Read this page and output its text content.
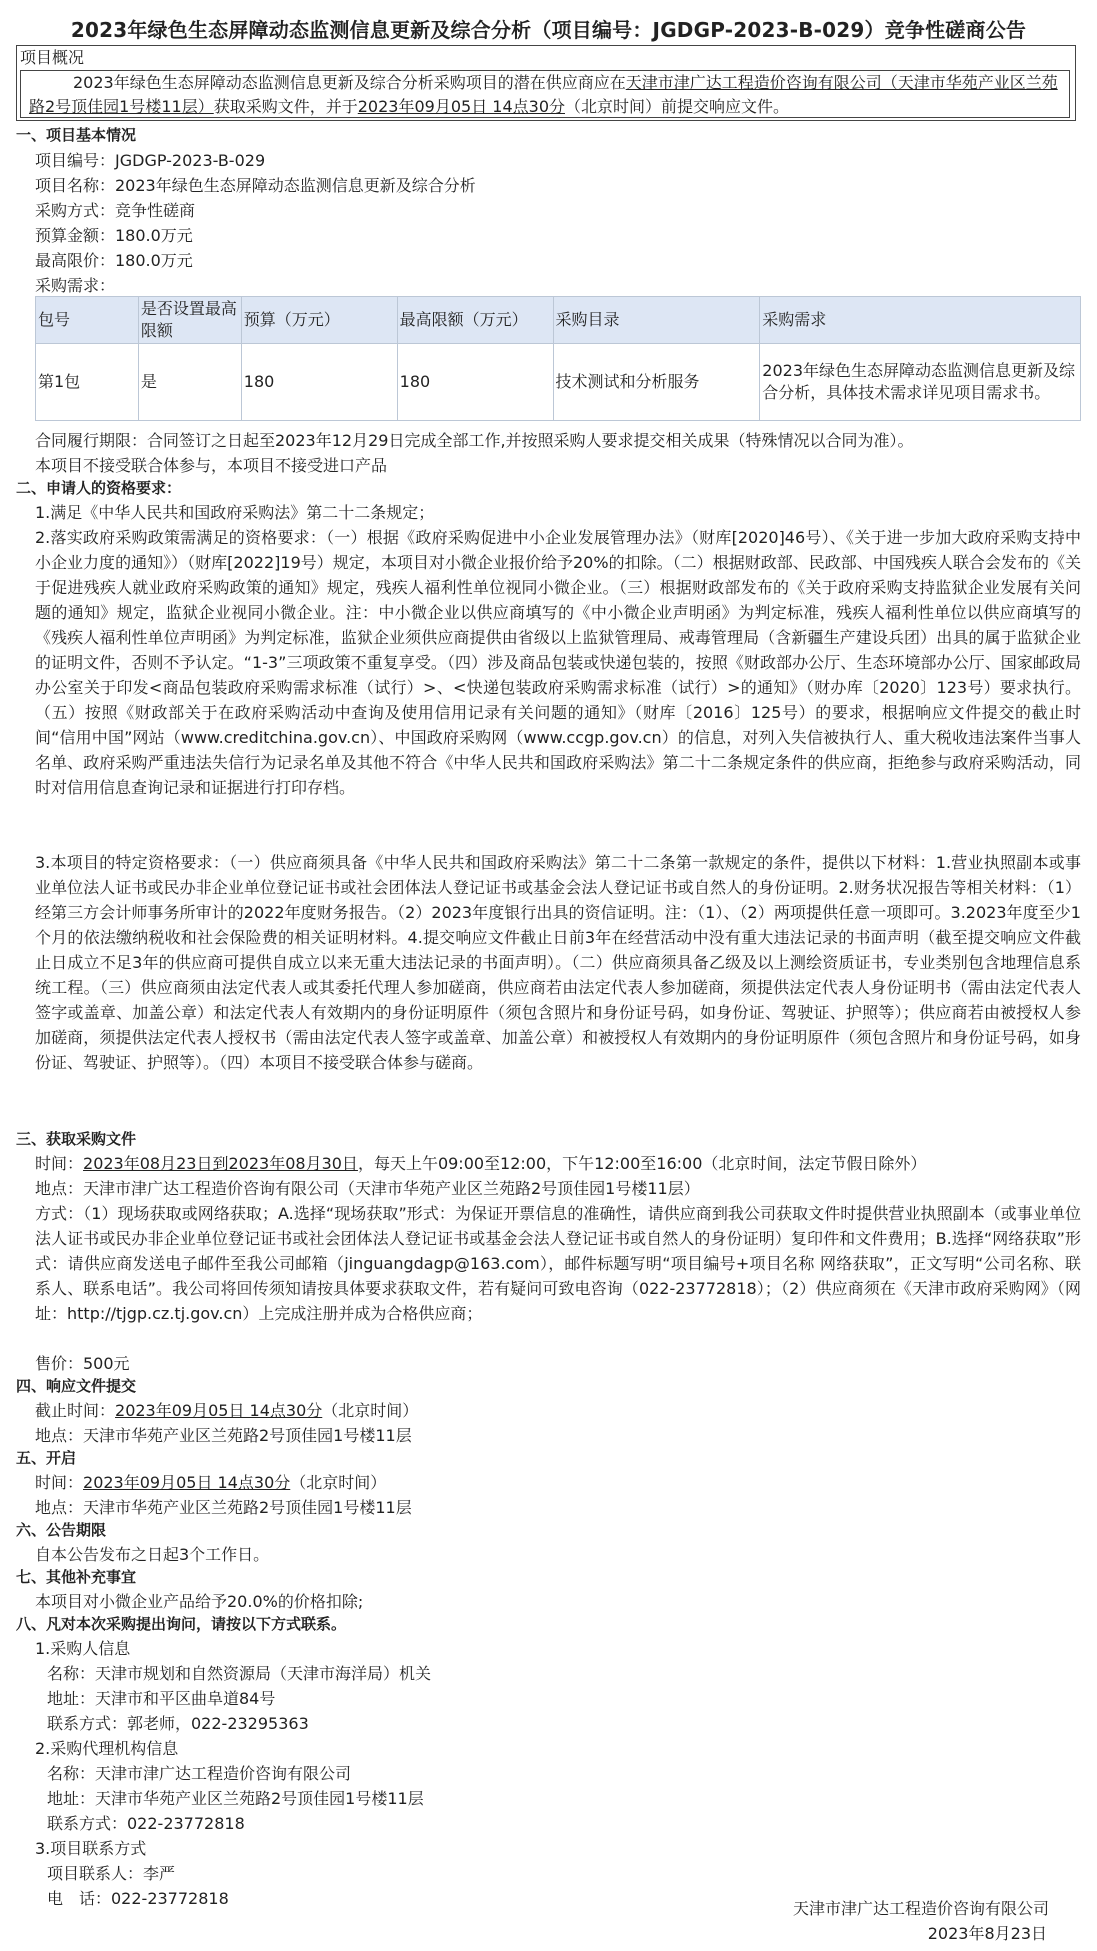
2023年绿色生态屏障动态监测信息更新及综合分析（项目编号：JGDGP-2023-B-029）竞争性磋商公告
项目概况
2023年绿色生态屏障动态监测信息更新及综合分析采购项目的潜在供应商应在天津市津广达工程造价咨询有限公司（天津市华苑产业区兰苑路2号顶佳园1号楼11层）获取采购文件，并于2023年09月05日 14点30分（北京时间）前提交响应文件。
一、项目基本情况
项目编号：JGDGP-2023-B-029
项目名称：2023年绿色生态屏障动态监测信息更新及综合分析
采购方式：竞争性磋商
预算金额：180.0万元
最高限价：180.0万元
采购需求：
包号	是否设置最高限额	预算（万元）	最高限额（万元）	采购目录	采购需求
第1包	是	180	180	技术测试和分析服务	2023年绿色生态屏障动态监测信息更新及综合分析，具体技术需求详见项目需求书。
合同履行期限：合同签订之日起至2023年12月29日完成全部工作,并按照采购人要求提交相关成果（特殊情况以合同为准）。
本项目不接受联合体参与，本项目不接受进口产品
二、申请人的资格要求：
1.满足《中华人民共和国政府采购法》第二十二条规定；
2.落实政府采购政策需满足的资格要求：（一）根据《政府采购促进中小企业发展管理办法》（财库[2020]46号）、《关于进一步加大政府采购支持中小企业力度的通知》）（财库[2022]19号）规定，本项目对小微企业报价给予20%的扣除。（二）根据财政部、民政部、中国残疾人联合会发布的《关于促进残疾人就业政府采购政策的通知》规定，残疾人福利性单位视同小微企业。（三）根据财政部发布的《关于政府采购支持监狱企业发展有关问题的通知》规定，监狱企业视同小微企业。注：中小微企业以供应商填写的《中小微企业声明函》为判定标准，残疾人福利性单位以供应商填写的《残疾人福利性单位声明函》为判定标准，监狱企业须供应商提供由省级以上监狱管理局、戒毒管理局（含新疆生产建设兵团）出具的属于监狱企业的证明文件，否则不予认定。“1-3”三项政策不重复享受。（四）涉及商品包装或快递包装的，按照《财政部办公厅、生态环境部办公厅、国家邮政局办公室关于印发<商品包装政府采购需求标准（试行）>、<快递包装政府采购需求标准（试行）>的通知》（财办库〔2020〕123号）要求执行。（五）按照《财政部关于在政府采购活动中查询及使用信用记录有关问题的通知》（财库〔2016〕125号）的要求，根据响应文件提交的截止时间“信用中国”网站（www.creditchina.gov.cn）、中国政府采购网（www.ccgp.gov.cn）的信息，对列入失信被执行人、重大税收违法案件当事人名单、政府采购严重违法失信行为记录名单及其他不符合《中华人民共和国政府采购法》第二十二条规定条件的供应商，拒绝参与政府采购活动，同时对信用信息查询记录和证据进行打印存档。
3.本项目的特定资格要求：（一）供应商须具备《中华人民共和国政府采购法》第二十二条第一款规定的条件，提供以下材料：1.营业执照副本或事业单位法人证书或民办非企业单位登记证书或社会团体法人登记证书或基金会法人登记证书或自然人的身份证明。2.财务状况报告等相关材料：（1）经第三方会计师事务所审计的2022年度财务报告。（2）2023年度银行出具的资信证明。注：（1）、（2）两项提供任意一项即可。3.2023年度至少1个月的依法缴纳税收和社会保险费的相关证明材料。4.提交响应文件截止日前3年在经营活动中没有重大违法记录的书面声明（截至提交响应文件截止日成立不足3年的供应商可提供自成立以来无重大违法记录的书面声明）。（二）供应商须具备乙级及以上测绘资质证书，专业类别包含地理信息系统工程。（三）供应商须由法定代表人或其委托代理人参加磋商，供应商若由法定代表人参加磋商，须提供法定代表人身份证明书（需由法定代表人签字或盖章、加盖公章）和法定代表人有效期内的身份证明原件（须包含照片和身份证号码，如身份证、驾驶证、护照等）；供应商若由被授权人参加磋商，须提供法定代表人授权书（需由法定代表人签字或盖章、加盖公章）和被授权人有效期内的身份证明原件（须包含照片和身份证号码，如身份证、驾驶证、护照等）。（四）本项目不接受联合体参与磋商。
三、获取采购文件
时间：2023年08月23日到2023年08月30日，每天上午09:00至12:00，下午12:00至16:00（北京时间，法定节假日除外）
地点：天津市津广达工程造价咨询有限公司（天津市华苑产业区兰苑路2号顶佳园1号楼11层）
方式：（1）现场获取或网络获取；A.选择“现场获取”形式：为保证开票信息的准确性，请供应商到我公司获取文件时提供营业执照副本（或事业单位法人证书或民办非企业单位登记证书或社会团体法人登记证书或基金会法人登记证书或自然人的身份证明）复印件和文件费用；B.选择“网络获取”形式：请供应商发送电子邮件至我公司邮箱（jinguangdagp@163.com），邮件标题写明“项目编号+项目名称 网络获取”，正文写明“公司名称、联系人、联系电话”。我公司将回传须知请按具体要求获取文件，若有疑问可致电咨询（022-23772818）；（2）供应商须在《天津市政府采购网》（网址：http://tjgp.cz.tj.gov.cn）上完成注册并成为合格供应商；
售价：500元
四、响应文件提交
截止时间：2023年09月05日 14点30分（北京时间）
地点：天津市华苑产业区兰苑路2号顶佳园1号楼11层
五、开启
时间：2023年09月05日 14点30分（北京时间）
地点：天津市华苑产业区兰苑路2号顶佳园1号楼11层
六、公告期限
自本公告发布之日起3个工作日。
七、其他补充事宜
本项目对小微企业产品给予20.0%的价格扣除;
八、凡对本次采购提出询问，请按以下方式联系。
1.采购人信息
名称：天津市规划和自然资源局（天津市海洋局）机关
地址：天津市和平区曲阜道84号
联系方式：郭老师，022-23295363
2.采购代理机构信息
名称：天津市津广达工程造价咨询有限公司
地址：天津市华苑产业区兰苑路2号顶佳园1号楼11层
联系方式：022-23772818
3.项目联系方式
项目联系人：李严
电　话：022-23772818
天津市津广达工程造价咨询有限公司
2023年8月23日
